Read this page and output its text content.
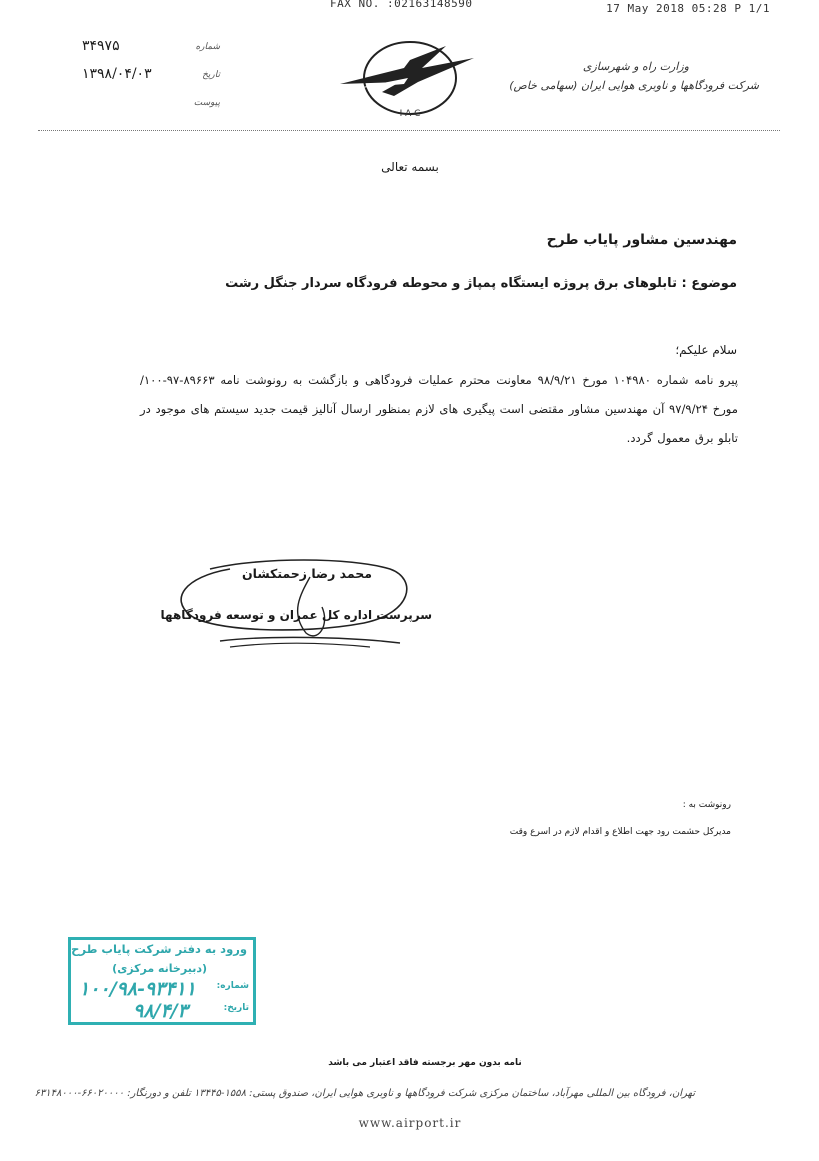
FAX NO. :02163148590	17 May 2018 05:28 P 1/1
۳۴۹۷۵	شماره
۱۳۹۸/۰۴/۰۳	تاریخ
پیوست
I A C
وزارت راه و شهرسازی
شرکت فرودگاهها و ناوبری هوایی ایران (سهامی خاص)
بسمه تعالی
مهندسین مشاور پایاب طرح
موضوع : تابلوهای برق پروژه ایستگاه پمپاژ و محوطه فرودگاه سردار جنگل رشت
سلام علیکم؛
پیرو نامه شماره ۱۰۴۹۸۰ مورخ ۹۸/۹/۲۱ معاونت محترم عملیات فرودگاهی و بازگشت به رونوشت نامه ۸۹۶۶۳-۹۷-۱۰۰/ مورخ ۹۷/۹/۲۴ آن مهندسین مشاور مقتضی است پیگیری های لازم بمنظور ارسال آنالیز قیمت جدید سیستم های موجود در تابلو برق معمول گردد.
محمد رضا زحمتکشان
سرپرست اداره کل عمران و توسعه فرودگاهها
رونوشت به :
مدیرکل حشمت رود جهت اطلاع و اقدام لازم در اسرع وقت
ورود به دفتر شرکت پایاب طرح
(دبیرخانه مرکزی)
شماره:
۱۰۰/۹۸-۹۳۴۱۱
تاریخ:
۹۸/۴/۳
نامه بدون مهر برجسته فاقد اعتبار می باشد
تهران، فرودگاه بین المللی مهرآباد، ساختمان مرکزی شرکت فرودگاهها و ناوبری هوایی ایران، صندوق پستی: ۱۵۵۸-۱۳۴۴۵ تلفن و دورنگار: ۶۶۰۲۰۰۰۰-۶۳۱۴۸۰۰۰
www.airport.ir
